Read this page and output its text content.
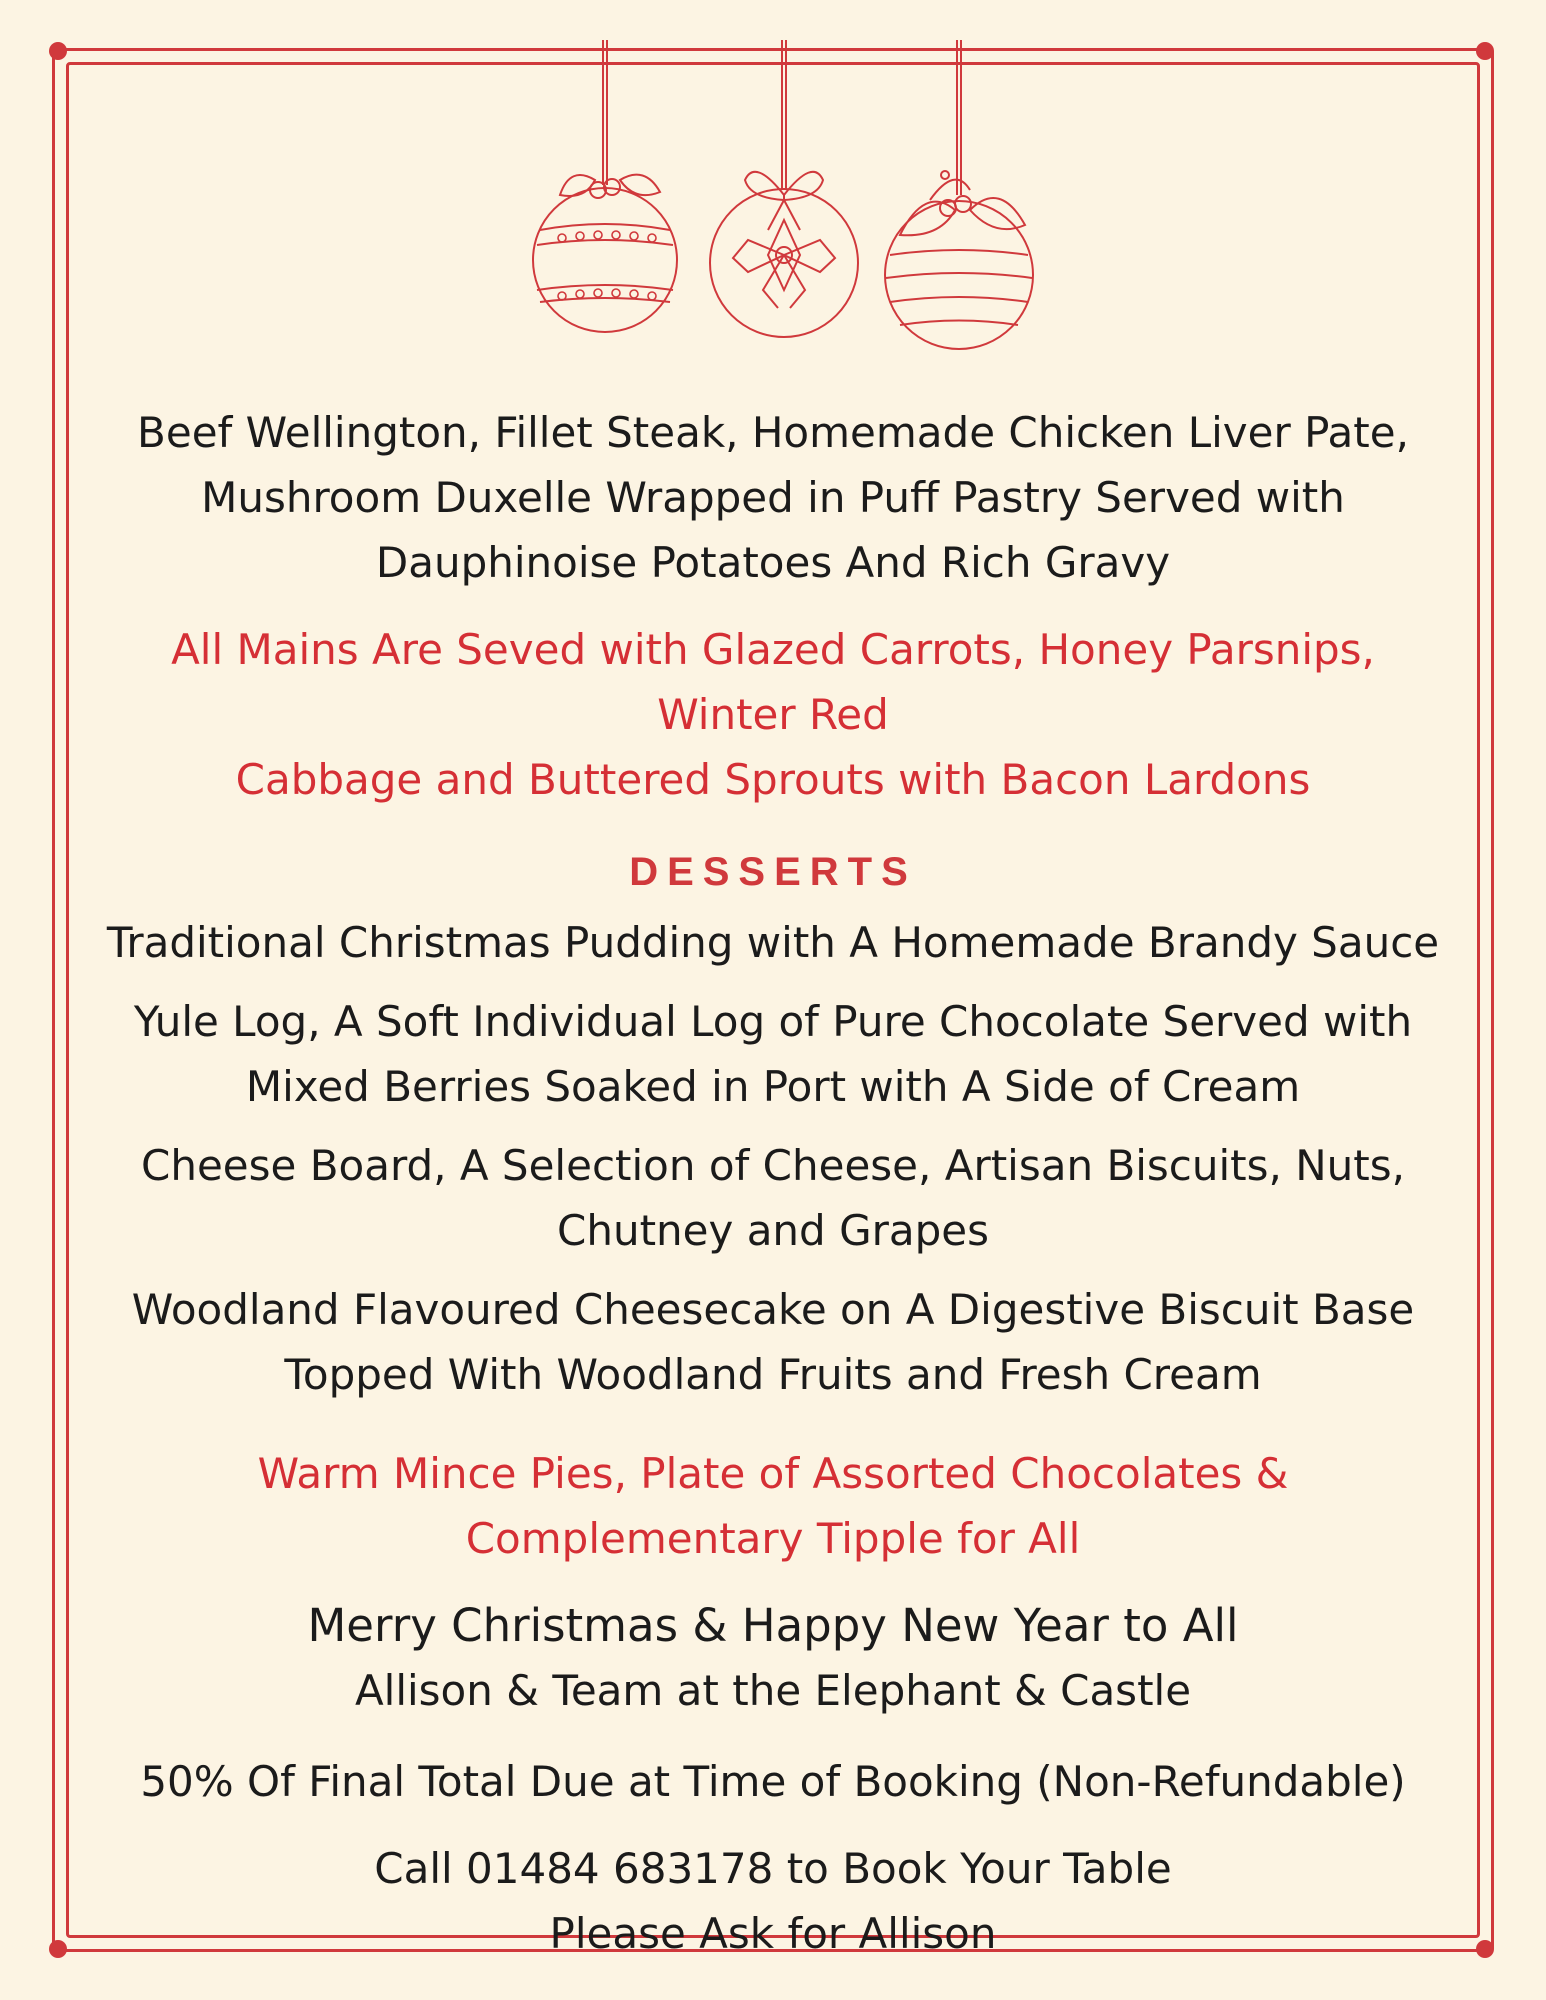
Beef Wellington, Fillet Steak, Homemade Chicken Liver Pate,

Mushroom Duxelle Wrapped in Puff Pastry Served with

Dauphinoise Potatoes And Rich Gravy

All Mains Are Seved with Glazed Carrots, Honey Parsnips, Winter Red

Cabbage and Buttered Sprouts with Bacon Lardons

DESSERTS

Traditional Christmas Pudding with A Homemade Brandy Sauce

Yule Log, A Soft Individual Log of Pure Chocolate Served with

Mixed Berries Soaked in Port with A Side of Cream

Cheese Board, A Selection of Cheese, Artisan Biscuits, Nuts,

Chutney and Grapes

Woodland Flavoured Cheesecake on A Digestive Biscuit Base

Topped With Woodland Fruits and Fresh Cream

Warm Mince Pies, Plate of Assorted Chocolates &

Complementary Tipple for All

Merry Christmas & Happy New Year to All

Allison & Team at the Elephant & Castle

50% Of Final Total Due at Time of Booking (Non-Refundable)

Call 01484 683178 to Book Your Table

Please Ask for Allison
